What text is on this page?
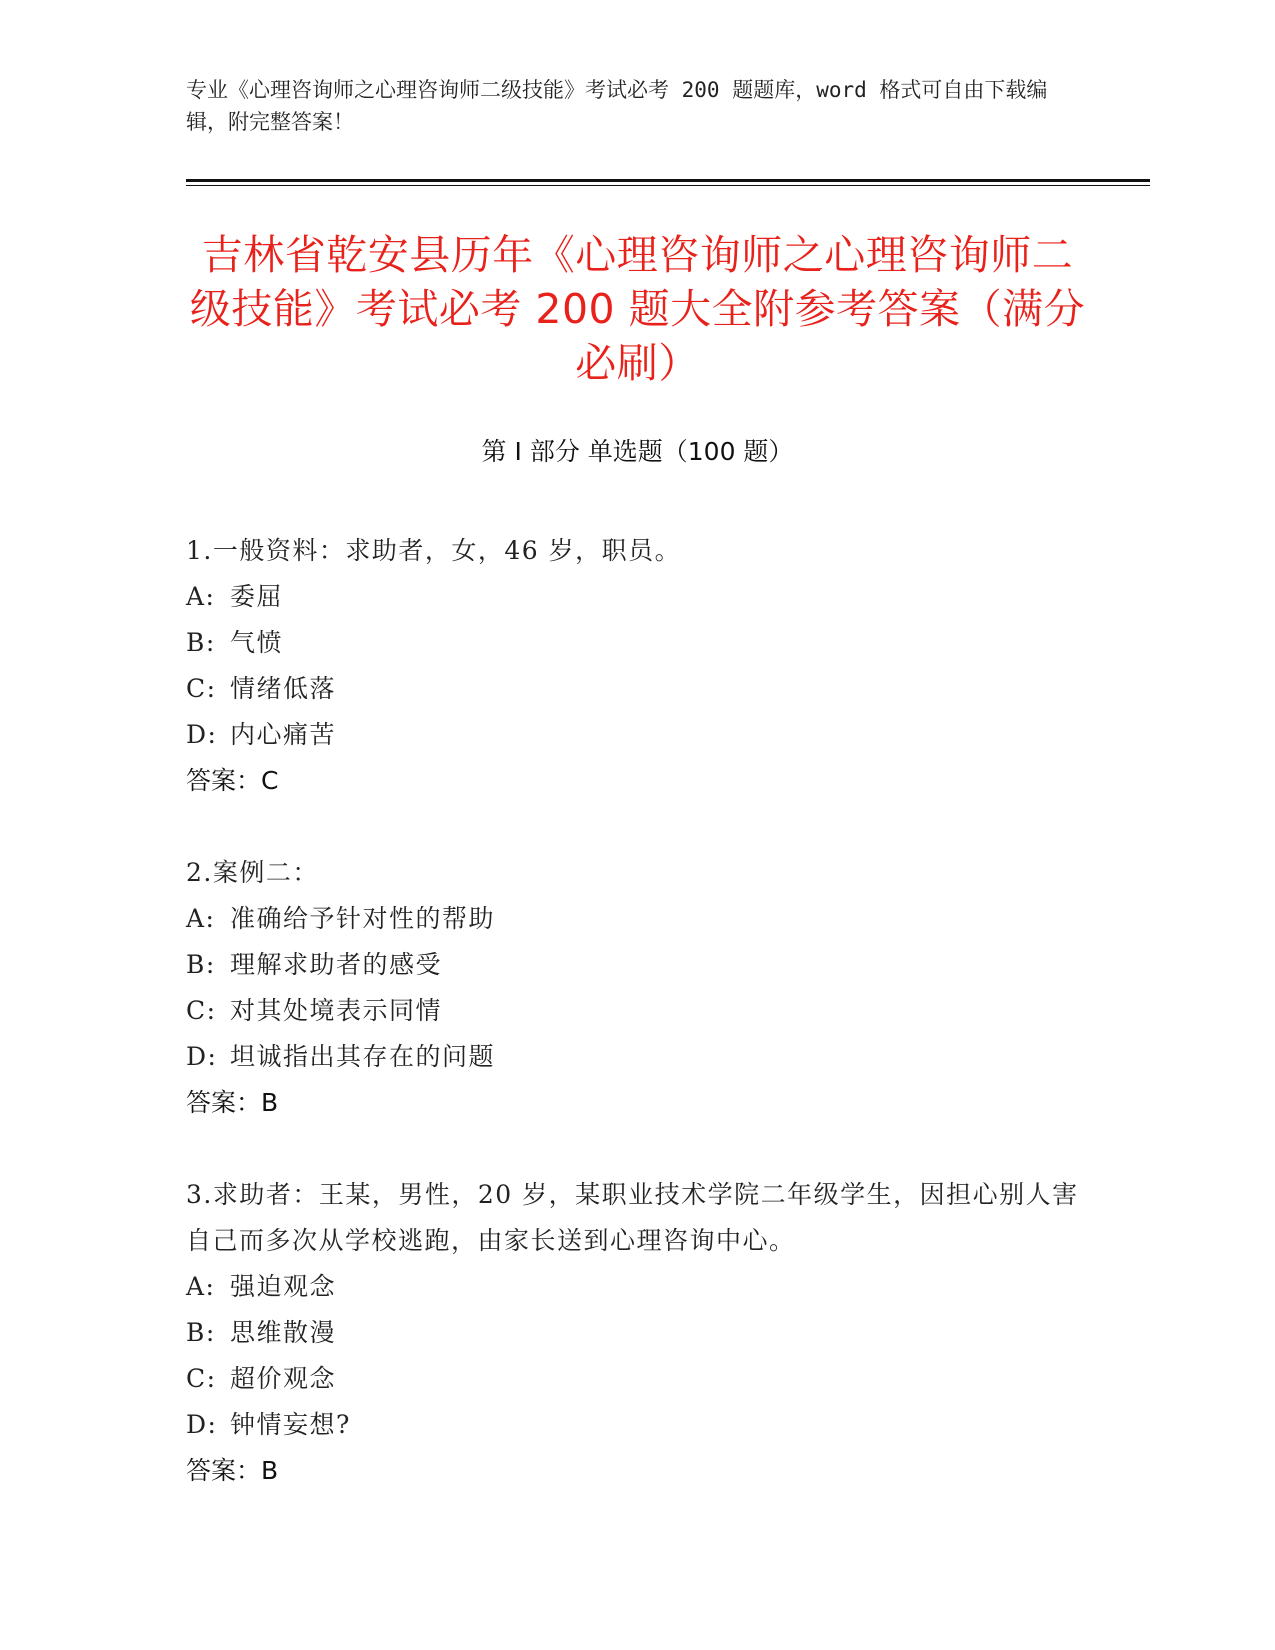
专业《心理咨询师之心理咨询师二级技能》考试必考 200 题题库，word 格式可自由下载编辑，附完整答案！
吉林省乾安县历年《心理咨询师之心理咨询师二级技能》考试必考 200 题大全附参考答案（满分必刷）
第 I 部分 单选题（100 题）
1.一般资料：求助者，女，46 岁，职员。
A: 委屈
B: 气愤
C: 情绪低落
D: 内心痛苦
答案：C
2.案例二：
A: 准确给予针对性的帮助
B: 理解求助者的感受
C: 对其处境表示同情
D: 坦诚指出其存在的问题
答案：B
3.求助者：王某，男性，20 岁，某职业技术学院二年级学生，因担心别人害自己而多次从学校逃跑，由家长送到心理咨询中心。
A: 强迫观念
B: 思维散漫
C: 超价观念
D: 钟情妄想?
答案：B
